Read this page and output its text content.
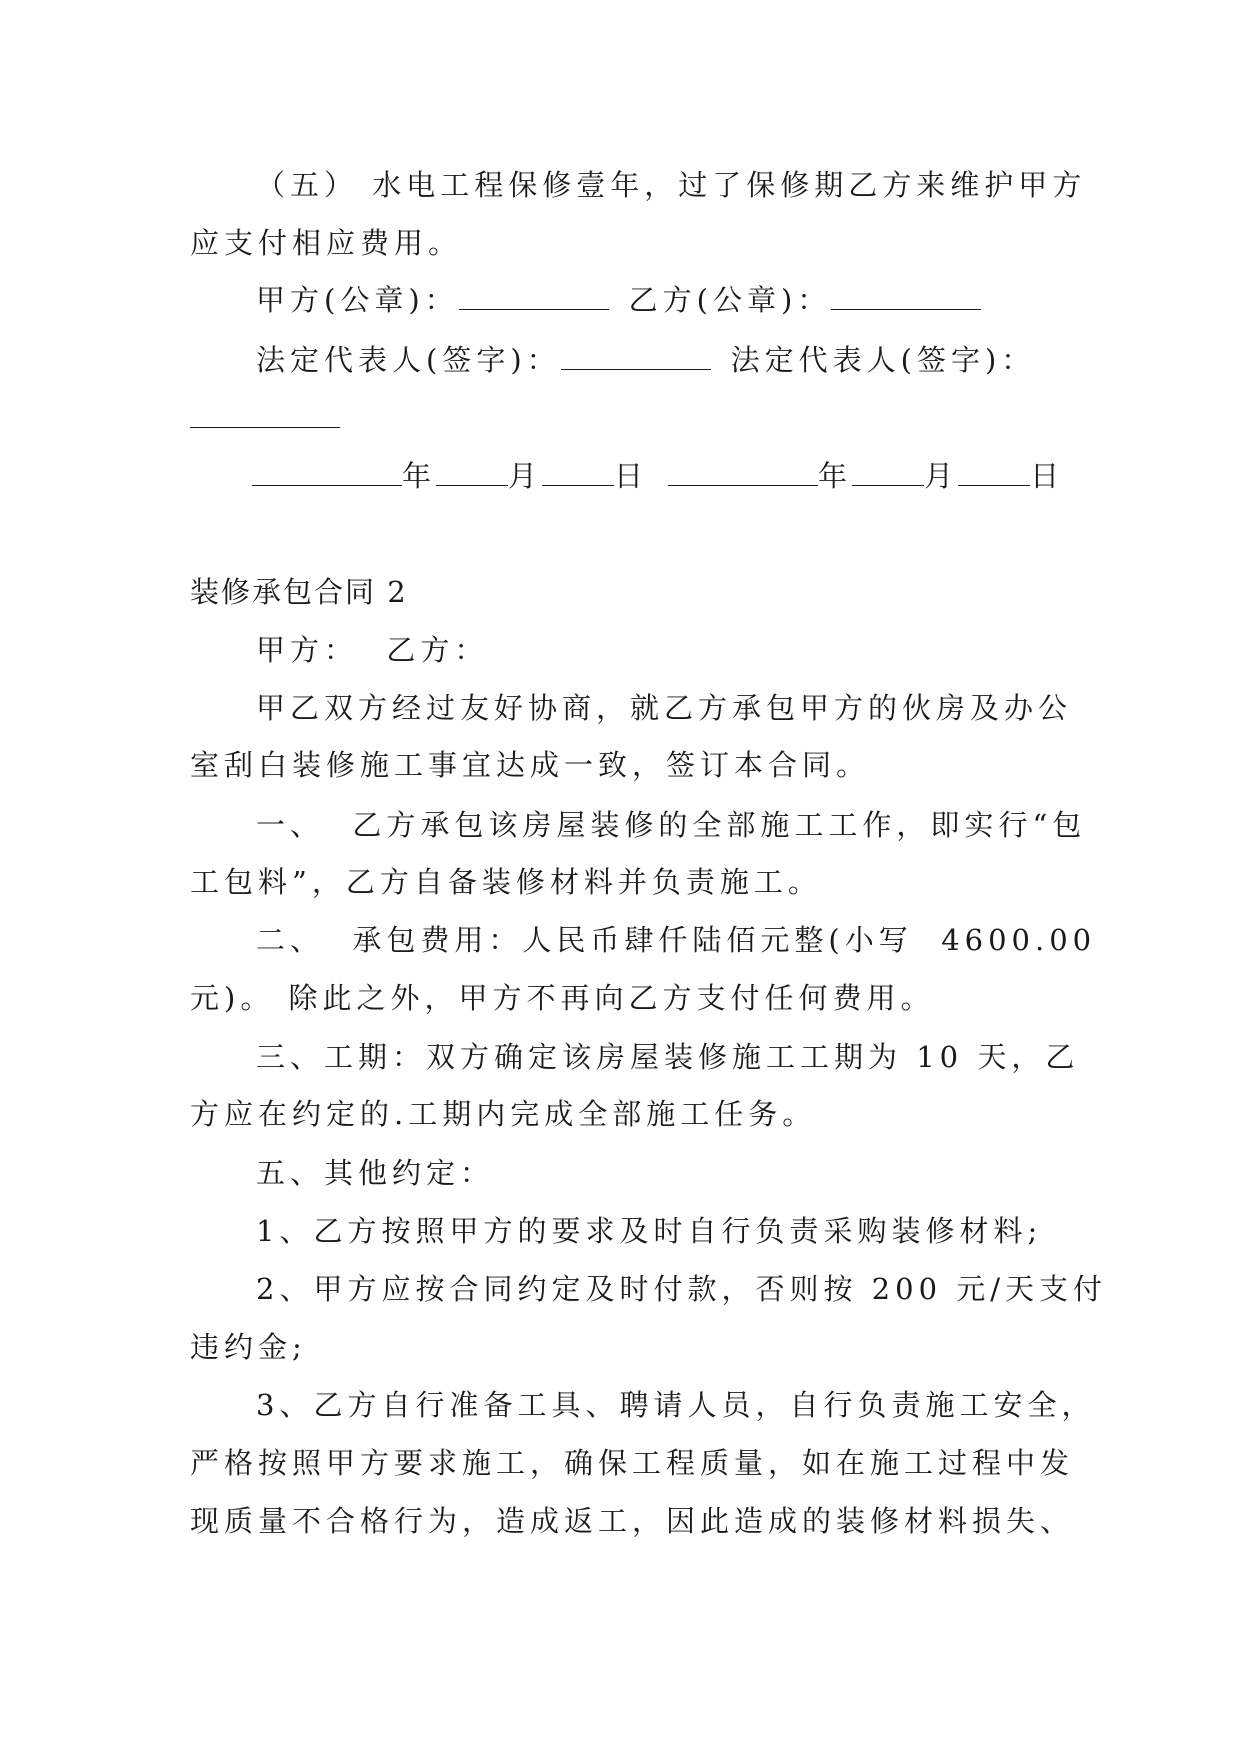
（五） 水电工程保修壹年，过了保修期乙方来维护甲方
应支付相应费用。
甲方(公章)：	乙方(公章)：
法定代表人(签字)：	法定代表人(签字)：
年 月 日	年 月 日
装修承包合同 2
甲方：  乙方：
甲乙双方经过友好协商，就乙方承包甲方的伙房及办公
室刮白装修施工事宜达成一致，签订本合同。
一、  乙方承包该房屋装修的全部施工工作，即实行“包
工包料”，乙方自备装修材料并负责施工。
二、  承包费用：人民币肆仟陆佰元整(小写  4600.00
元)。 除此之外，甲方不再向乙方支付任何费用。
三、工期：双方确定该房屋装修施工工期为 10 天，乙
方应在约定的.工期内完成全部施工任务。
五、其他约定：
1、乙方按照甲方的要求及时自行负责采购装修材料;
2、甲方应按合同约定及时付款，否则按 200 元/天支付
违约金;
3、乙方自行准备工具、聘请人员，自行负责施工安全，
严格按照甲方要求施工，确保工程质量，如在施工过程中发
现质量不合格行为，造成返工，因此造成的装修材料损失、
